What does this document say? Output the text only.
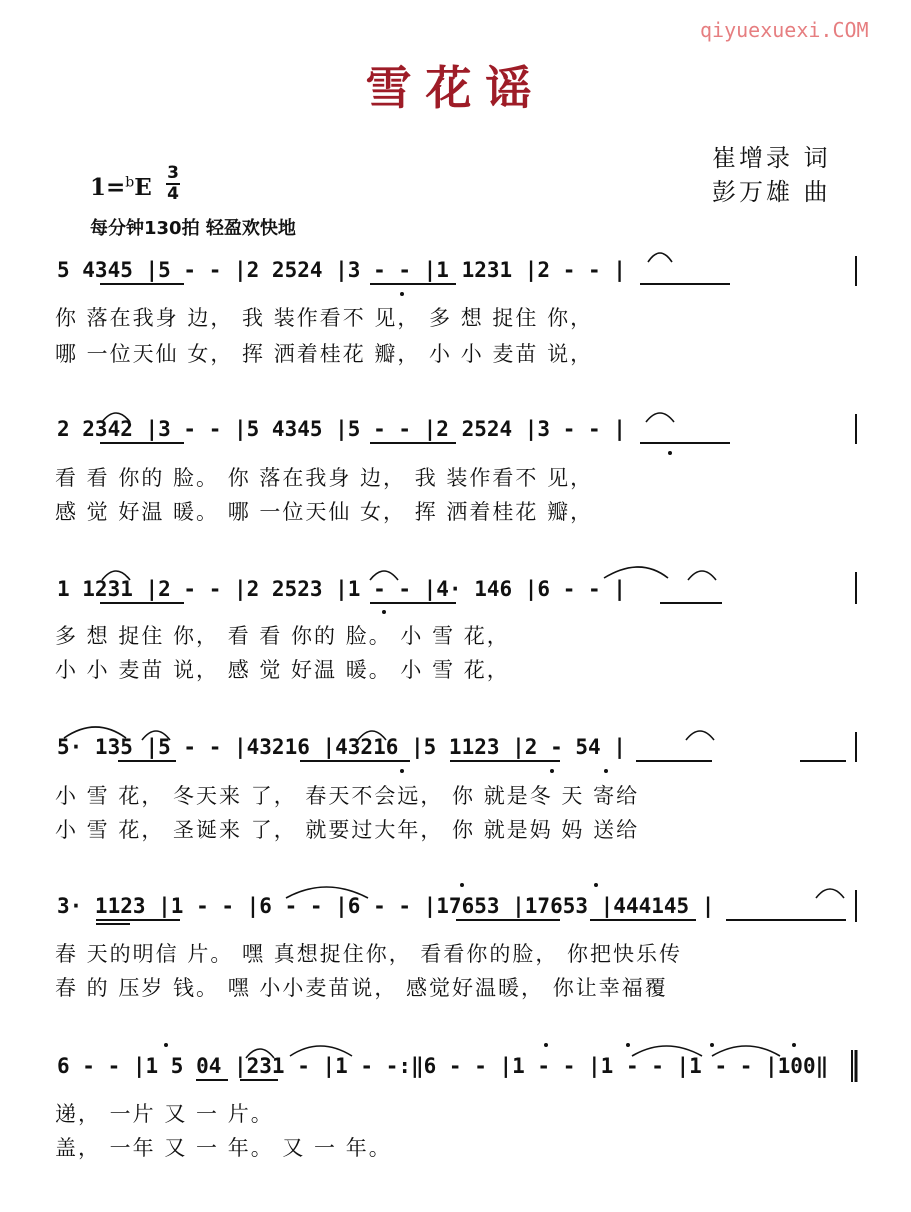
qiyuexuexi.COM
雪花谣
崔增录 词
彭万雄 曲
1=$^b$E
3
4
每分钟130拍 轻盈欢快地
5 4345 |5 - - |2 2524 |3 - - |1 1231 |2 - - |
你 落在我身 边， 我 装作看不 见， 多 想 捉住 你，
哪 一位天仙 女， 挥 洒着桂花 瓣， 小 小 麦苗 说，
2 2342 |3 - - |5 4345 |5 - - |2 2524 |3 - - |
看 看 你的 脸。 你 落在我身 边， 我 装作看不 见，
感 觉 好温 暖。 哪 一位天仙 女， 挥 洒着桂花 瓣，
1 1231 |2 - - |2 2523 |1 - - |4· 146 |6 - - |
多 想 捉住 你， 看 看 你的 脸。 小 雪 花，
小 小 麦苗 说， 感 觉 好温 暖。 小 雪 花，
5· 135 |5 - - |43216 |43216 |5 1123 |2 - 54 |
小 雪 花， 冬天来 了， 春天不会远， 你 就是冬 天 寄给
小 雪 花， 圣诞来 了， 就要过大年， 你 就是妈 妈 送给
3· 1123 |1 - - |6 - - |6 - - |17653 |17653 |444145 |
春 天的明信 片。 嘿 真想捉住你， 看看你的脸， 你把快乐传
春 的 压岁 钱。 嘿 小小麦苗说， 感觉好温暖， 你让幸福覆
6 - - |1 5 04 |231 - |1 - -:‖6 - - |1 - - |1 - - |1 - - |100‖
递， 一片 又 一 片。
盖， 一年 又 一 年。 又 一 年。
